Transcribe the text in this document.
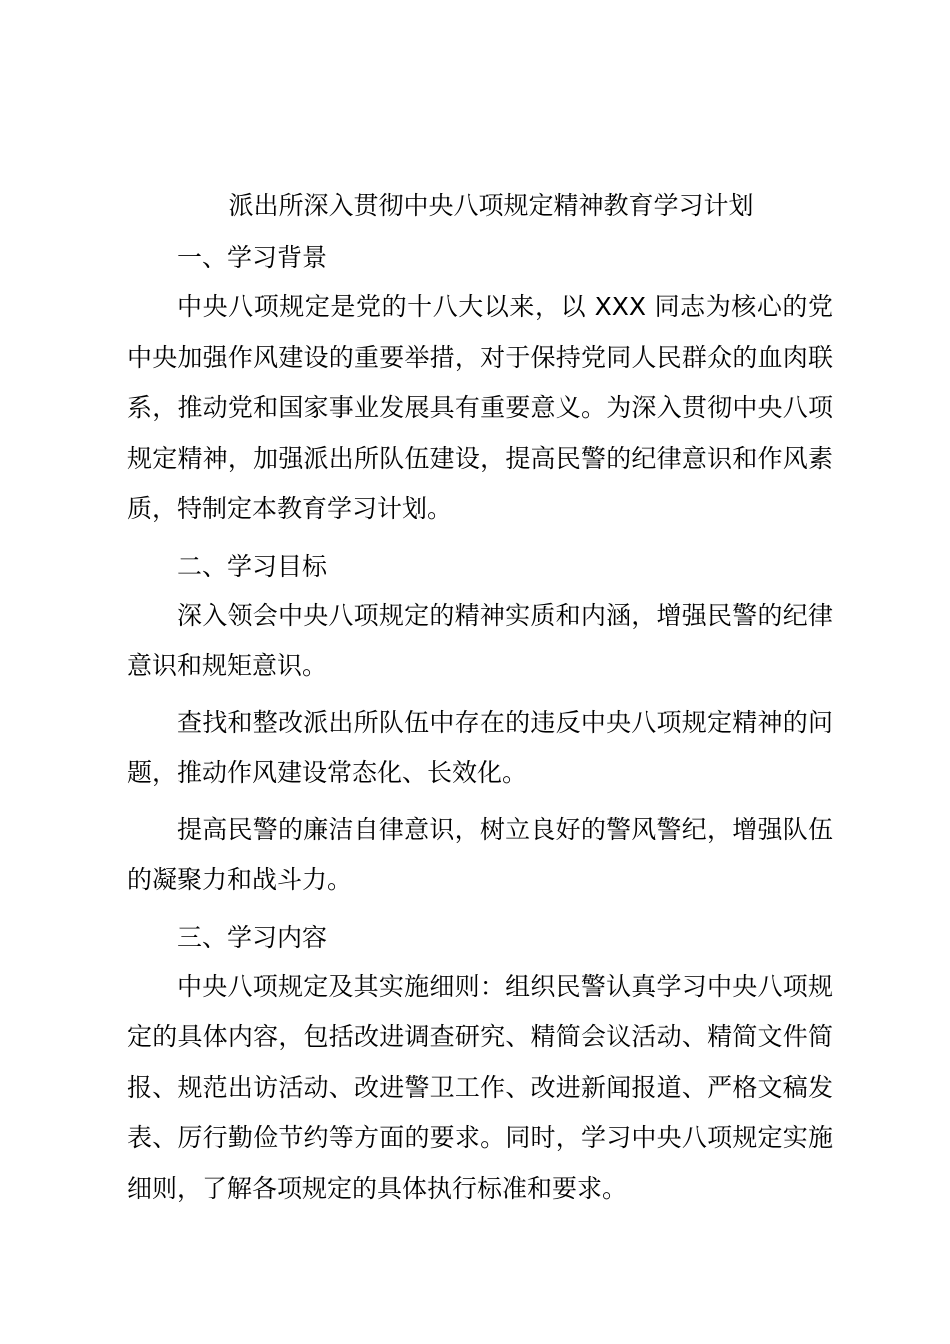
派出所深入贯彻中央八项规定精神教育学习计划
一、学习背景

中央八项规定是党的十八大以来，以 XXX 同志为核心的党中央加强作风建设的重要举措，对于保持党同人民群众的血肉联系，推动党和国家事业发展具有重要意义。为深入贯彻中央八项规定精神，加强派出所队伍建设，提高民警的纪律意识和作风素质，特制定本教育学习计划。

二、学习目标

深入领会中央八项规定的精神实质和内涵，增强民警的纪律意识和规矩意识。

查找和整改派出所队伍中存在的违反中央八项规定精神的问题，推动作风建设常态化、长效化。

提高民警的廉洁自律意识，树立良好的警风警纪，增强队伍的凝聚力和战斗力。

三、学习内容

中央八项规定及其实施细则：组织民警认真学习中央八项规定的具体内容，包括改进调查研究、精简会议活动、精简文件简报、规范出访活动、改进警卫工作、改进新闻报道、严格文稿发表、厉行勤俭节约等方面的要求。同时，学习中央八项规定实施细则，了解各项规定的具体执行标准和要求。
